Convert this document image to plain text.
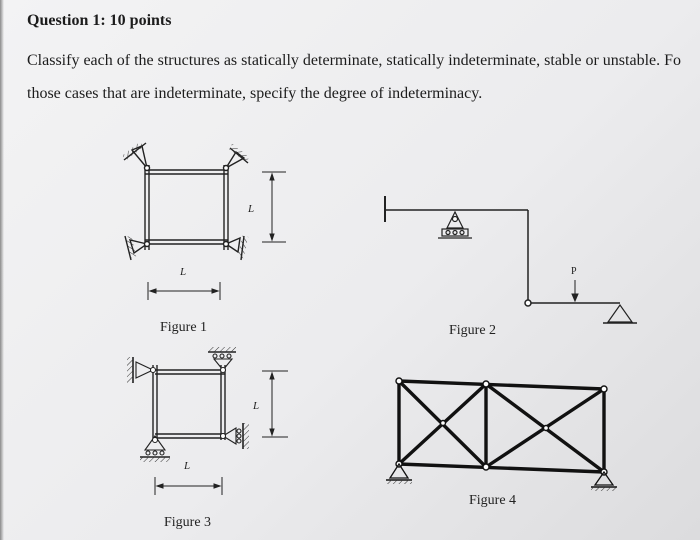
Question 1: 10 points
Classify each of the structures as statically determinate, statically indeterminate, stable or unstable. Fo
those cases that are indeterminate, specify the degree of indeterminacy.
L
L
Figure 1
P
Figure 2
L
L
Figure 3
Figure 4
